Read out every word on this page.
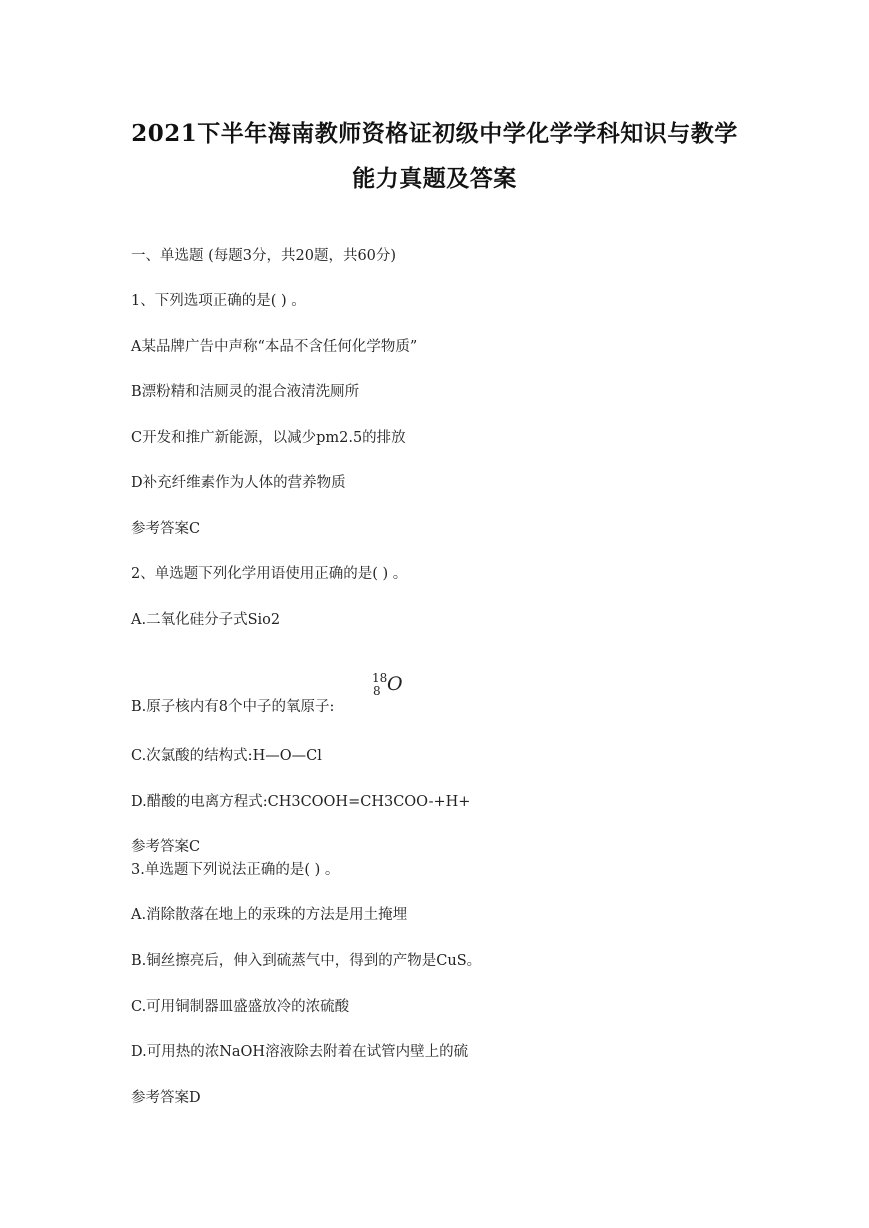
2021下半年海南教师资格证初级中学化学学科知识与教学
能力真题及答案
一、单选题 (每题3分，共20题，共60分)
1、下列选项正确的是( ) 。
A某品牌广告中声称“本品不含任何化学物质”
B漂粉精和洁厕灵的混合液清洗厕所
C开发和推广新能源，以减少pm2.5的排放
D补充纤维素作为人体的营养物质
参考答案C
2、单选题下列化学用语使用正确的是( ) 。
A.二氧化硅分子式Sio2
B.原子核内有8个中子的氧原子:
18
8 O
C.次氯酸的结构式:H—O—Cl
D.醋酸的电离方程式:CH3COOH=CH3COO-+H+
参考答案C
3.单选题下列说法正确的是( ) 。
A.消除散落在地上的汞珠的方法是用土掩埋
B.铜丝擦亮后，伸入到硫蒸气中，得到的产物是CuS。
C.可用铜制器皿盛盛放冷的浓硫酸
D.可用热的浓NaOH溶液除去附着在试管内壁上的硫
参考答案D
